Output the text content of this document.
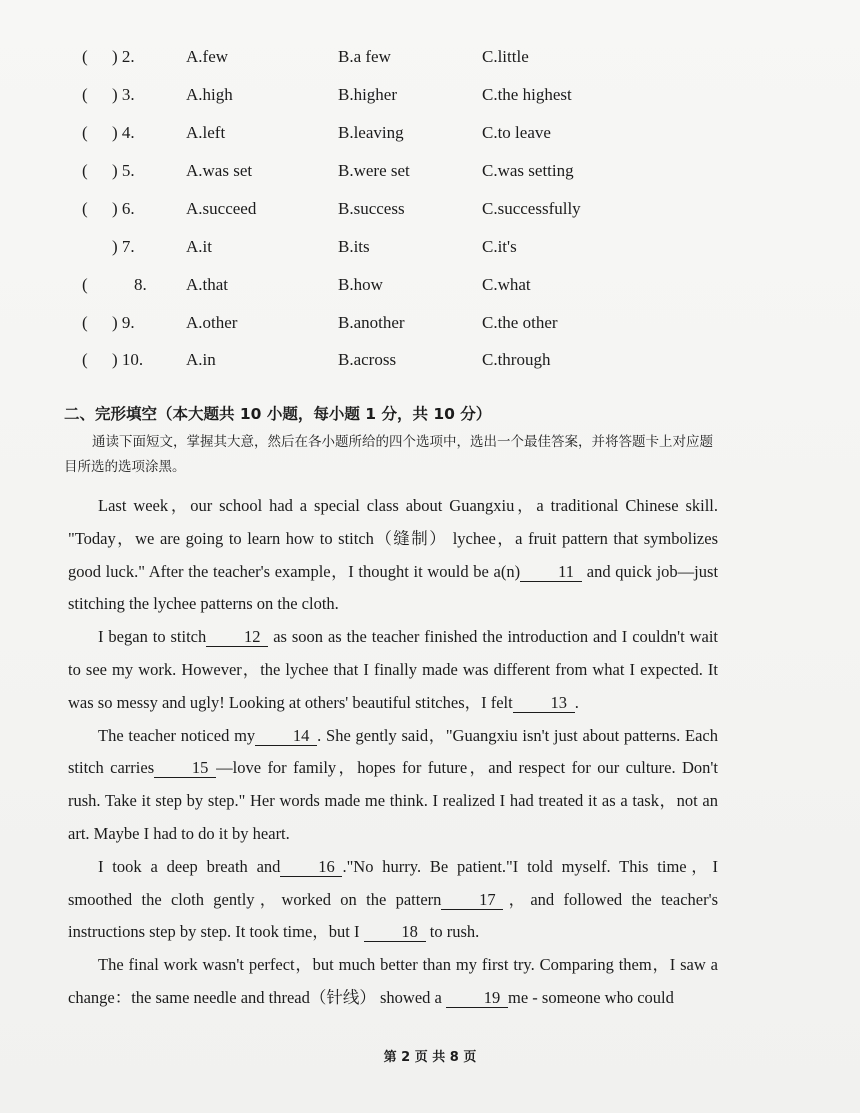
( ) 2.	A.few	B.a few	C.little
( ) 3.	A.high	B.higher	C.the highest
( ) 4.	A.left	B.leaving	C.to leave
( ) 5.	A.was set	B.were set	C.was setting
( ) 6.	A.succeed	B.success	C.successfully
) 7.	A.it	B.its	C.it's
(	8. A.that	B.how	C.what
( ) 9.	A.other	B.another	C.the other
( ) 10.	A.in	B.across	C.through
二、完形填空（本大题共 10 小题，每小题 1 分，共 10 分）
通读下面短文，掌握其大意，然后在各小题所给的四个选项中，选出一个最佳答案，并将答题卡上对应题目所选的选项涂黑。

Last week，our school had a special class about Guangxiu，a traditional Chinese skill. "Today，we are going to learn how to stitch（缝制） lychee，a fruit pattern that symbolizes good luck." After the teacher's example，I thought it would be a(n) 11 and quick job—just stitching the lychee patterns on the cloth.

I began to stitch 12 as soon as the teacher finished the introduction and I couldn't wait to see my work. However，the lychee that I finally made was different from what I expected. It was so messy and ugly! Looking at others' beautiful stitches，I felt 13 .

The teacher noticed my 14 . She gently said，"Guangxiu isn't just about patterns. Each stitch carries 15 —love for family，hopes for future，and respect for our culture. Don't rush. Take it step by step." Her words made me think. I realized I had treated it as a task，not an art. Maybe I had to do it by heart.

I took a deep breath and 16 ."No hurry. Be patient."I told myself. This time，I smoothed the cloth gently，worked on the pattern 17 ，and followed the teacher's instructions step by step. It took time，but I	18 to rush.

The final work wasn't perfect，but much better than my first try. Comparing them，I saw a change：the same needle and thread（针线） showed a	19 me - someone who could

第 2 页 共 8 页
